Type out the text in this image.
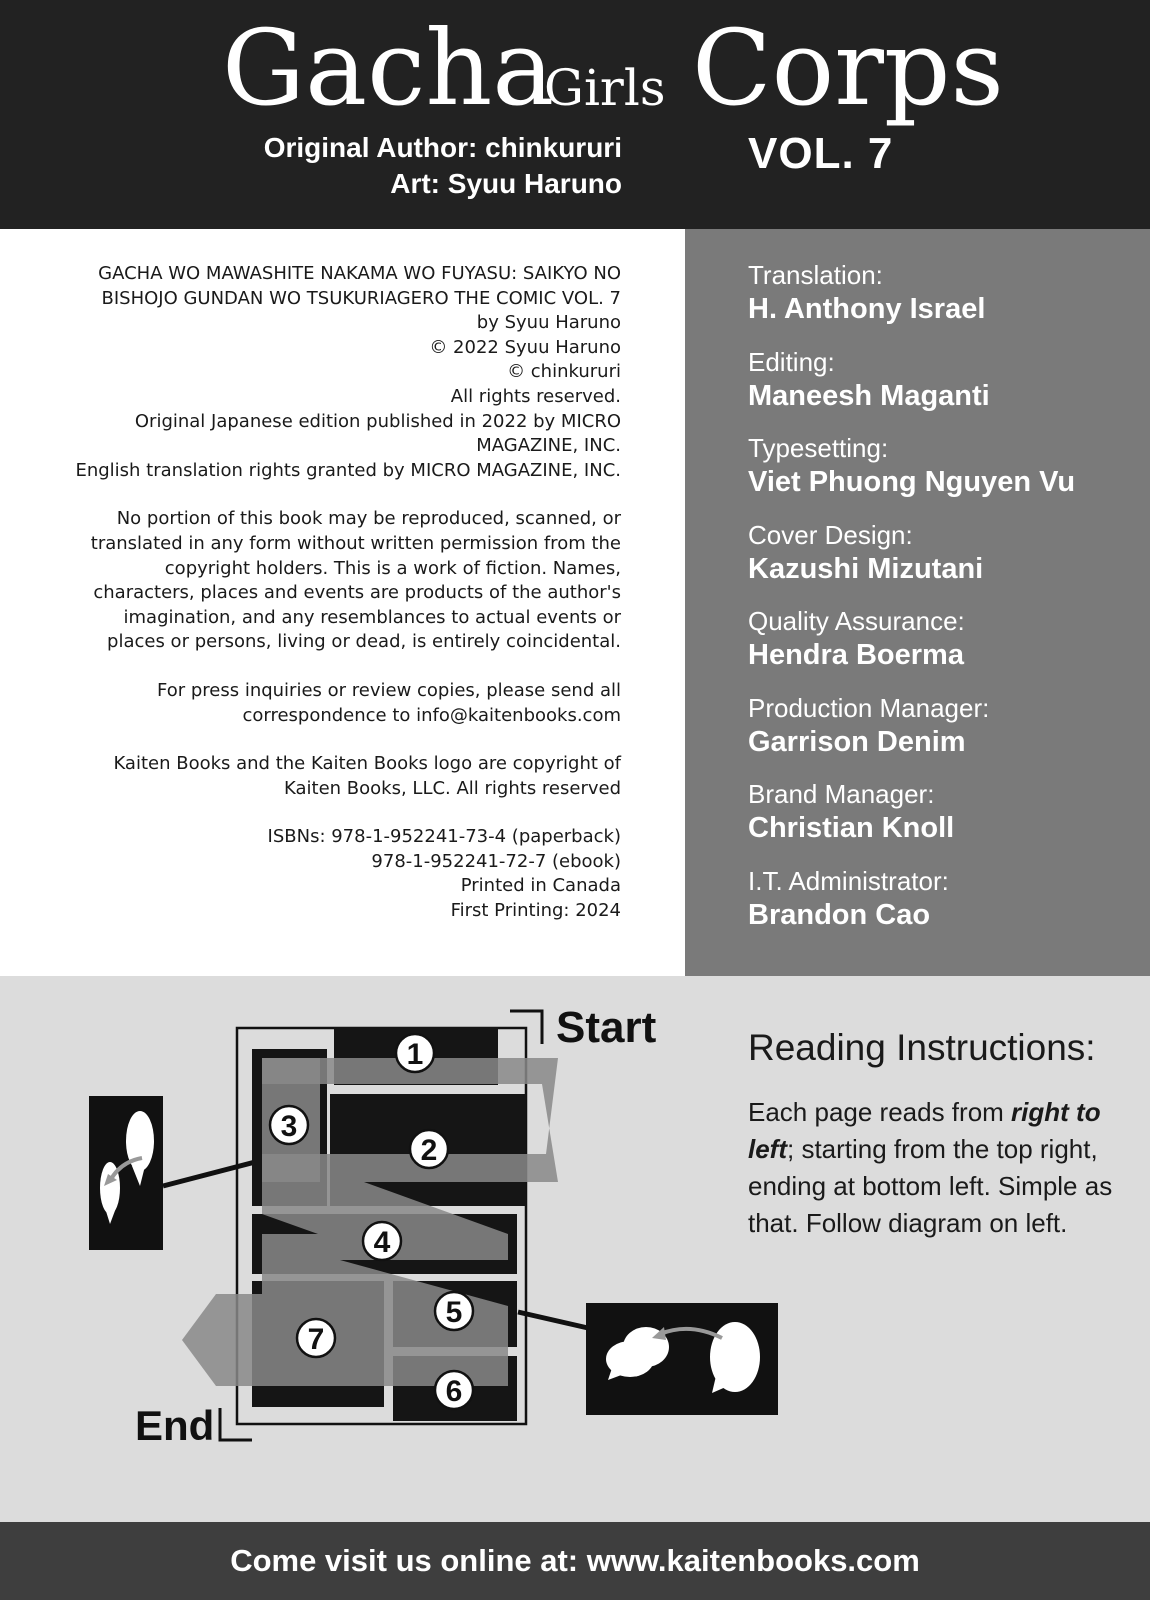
Gacha
Girls Corps
Original Author: chinkururi
Art: Syuu Haruno
VOL. 7

GACHA WO MAWASHITE NAKAMA WO FUYASU: SAIKYO NO
BISHOJO GUNDAN WO TSUKURIAGERO THE COMIC VOL. 7
by Syuu Haruno
© 2022 Syuu Haruno
© chinkururi
All rights reserved.
Original Japanese edition published in 2022 by MICRO
MAGAZINE, INC.
English translation rights granted by MICRO MAGAZINE, INC.

No portion of this book may be reproduced, scanned, or
translated in any form without written permission from the
copyright holders. This is a work of fiction. Names,
characters, places and events are products of the author's
imagination, and any resemblances to actual events or
places or persons, living or dead, is entirely coincidental.

For press inquiries or review copies, please send all
correspondence to info@kaitenbooks.com

Kaiten Books and the Kaiten Books logo are copyright of
Kaiten Books, LLC. All rights reserved

ISBNs: 978-1-952241-73-4 (paperback)
978-1-952241-72-7 (ebook)
Printed in Canada
First Printing: 2024

Translation:
H. Anthony Israel
Editing:
Maneesh Maganti
Typesetting:
Viet Phuong Nguyen Vu
Cover Design:
Kazushi Mizutani
Quality Assurance:
Hendra Boerma
Production Manager:
Garrison Denim
Brand Manager:
Christian Knoll
I.T. Administrator:
Brandon Cao
1
2
3
4
5
6
7
Start
End
Reading Instructions:
Each page reads from right to left; starting from the top right, ending at bottom left. Simple as that. Follow diagram on left.
Come visit us online at: www.kaitenbooks.com
